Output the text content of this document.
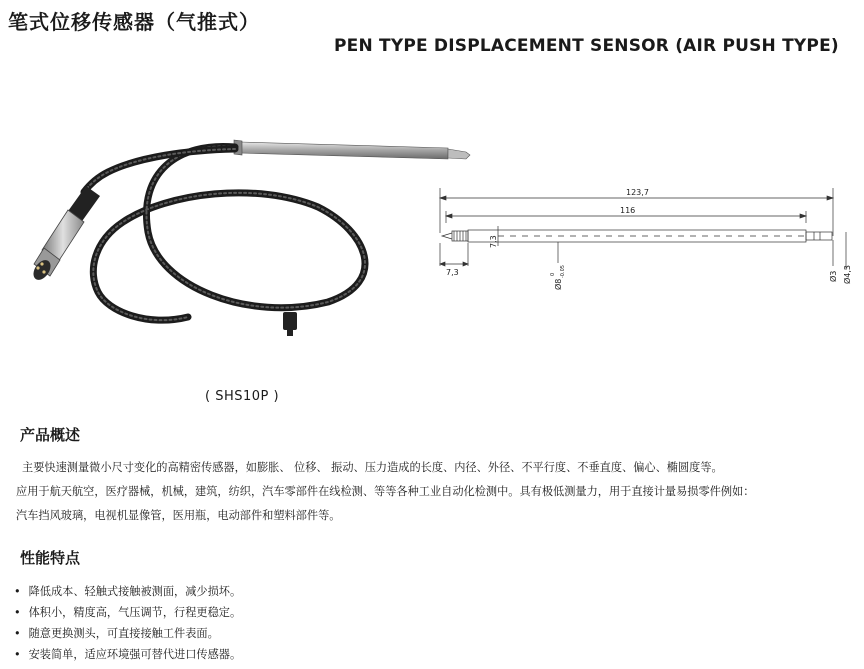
笔式位移传感器（气推式）
PEN TYPE DISPLACEMENT SENSOR (AIR PUSH TYPE)
( SHS10P )
123,7
116
7,3
7,3
Ø8
0 -0.05	Ø3 Ø4,3
产品概述
主要快速测量微小尺寸变化的高精密传感器，如膨胀、 位移、 振动、压力造成的长度、内径、外径、不平行度、不垂直度、偏心、椭圆度等。
应用于航天航空，医疗器械，机械，建筑，纺织，汽车零部件在线检测、等等各种工业自动化检测中。具有极低测量力，用于直接计量易损零件例如：
汽车挡风玻璃，电视机显像管，医用瓶，电动部件和塑料部件等。
性能特点
• 降低成本、轻触式接触被测面，减少损坏。
• 体积小，精度高，气压调节，行程更稳定。
• 随意更换测头，可直接接触工件表面。
• 安装简单，适应环境强可替代进口传感器。
